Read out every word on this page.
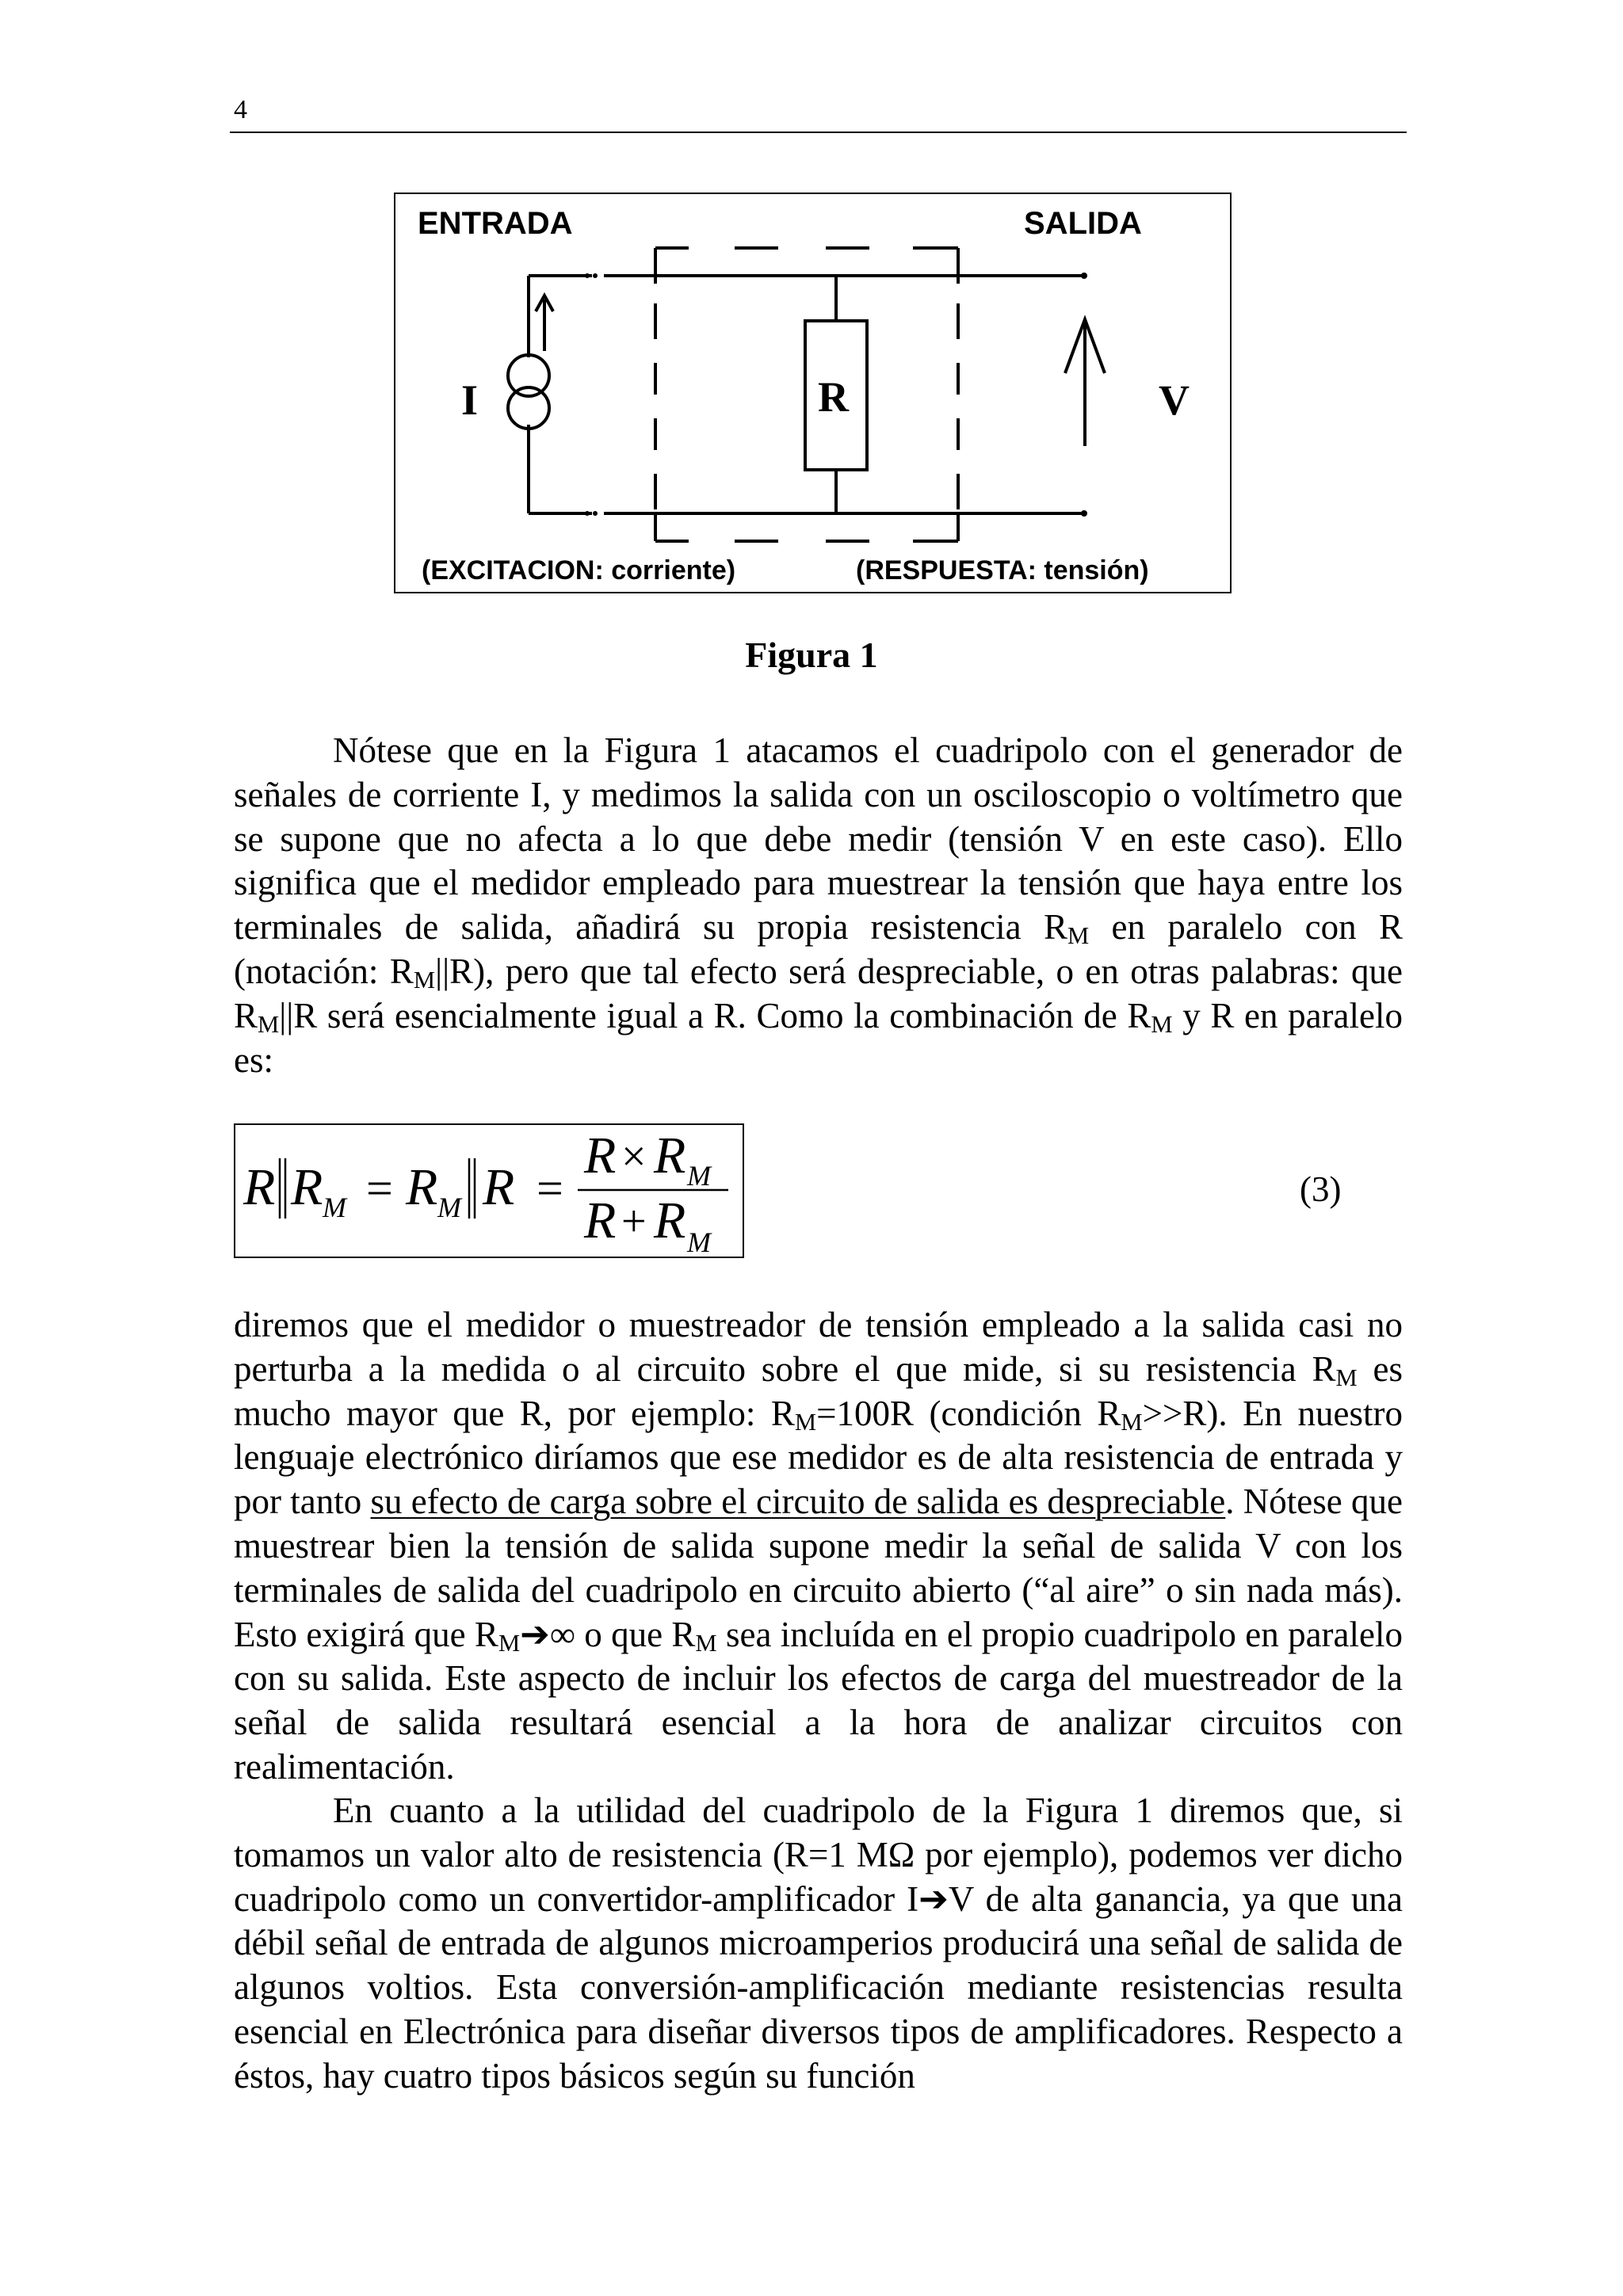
4
ENTRADA	SALIDA
I	R	V
(EXCITACION: corriente)	(RESPUESTA: tensión)
Figura 1

Nótese que en la Figura 1 atacamos el cuadripolo con el generador de señales de corriente I, y medimos la salida con un osciloscopio o voltímetro que se supone que no afecta a lo que debe medir (tensión V en este caso). Ello significa que el medidor empleado para muestrear la tensión que haya entre los terminales de salida, añadirá su propia resistencia $R_M$ en paralelo con R (notación: $R_M||R$), pero que tal efecto será despreciable, o en otras palabras: que $R_M||R$ será esencialmente igual a R. Como la combinación de $R_M$ y R en paralelo es:

R R M = R M R =
R × R M
R + R M
(3)

diremos que el medidor o muestreador de tensión empleado a la salida casi no perturba a la medida o al circuito sobre el que mide, si su resistencia $R_M$ es mucho mayor que R, por ejemplo: $R_M=100R$ (condición $R_M>>R$). En nuestro lenguaje electrónico diríamos que ese medidor es de alta resistencia de entrada y por tanto su efecto de carga sobre el circuito de salida es despreciable. Nótese que muestrear bien la tensión de salida supone medir la señal de salida V con los terminales de salida del cuadripolo en circuito abierto (“al aire” o sin nada más). Esto exigirá que $R_M➔\infty$ o que $R_M$ sea incluída en el propio cuadripolo en paralelo con su salida. Este aspecto de incluir los efectos de carga del muestreador de la señal de salida resultará esencial a la hora de analizar circuitos con realimentación.

En cuanto a la utilidad del cuadripolo de la Figura 1 diremos que, si tomamos un valor alto de resistencia (R=1 MΩ por ejemplo), podemos ver dicho cuadripolo como un convertidor-amplificador I➔V de alta ganancia, ya que una débil señal de entrada de algunos microamperios producirá una señal de salida de algunos voltios. Esta conversión-amplificación mediante resistencias resulta esencial en Electrónica para diseñar diversos tipos de amplificadores. Respecto a éstos, hay cuatro tipos básicos según su función
